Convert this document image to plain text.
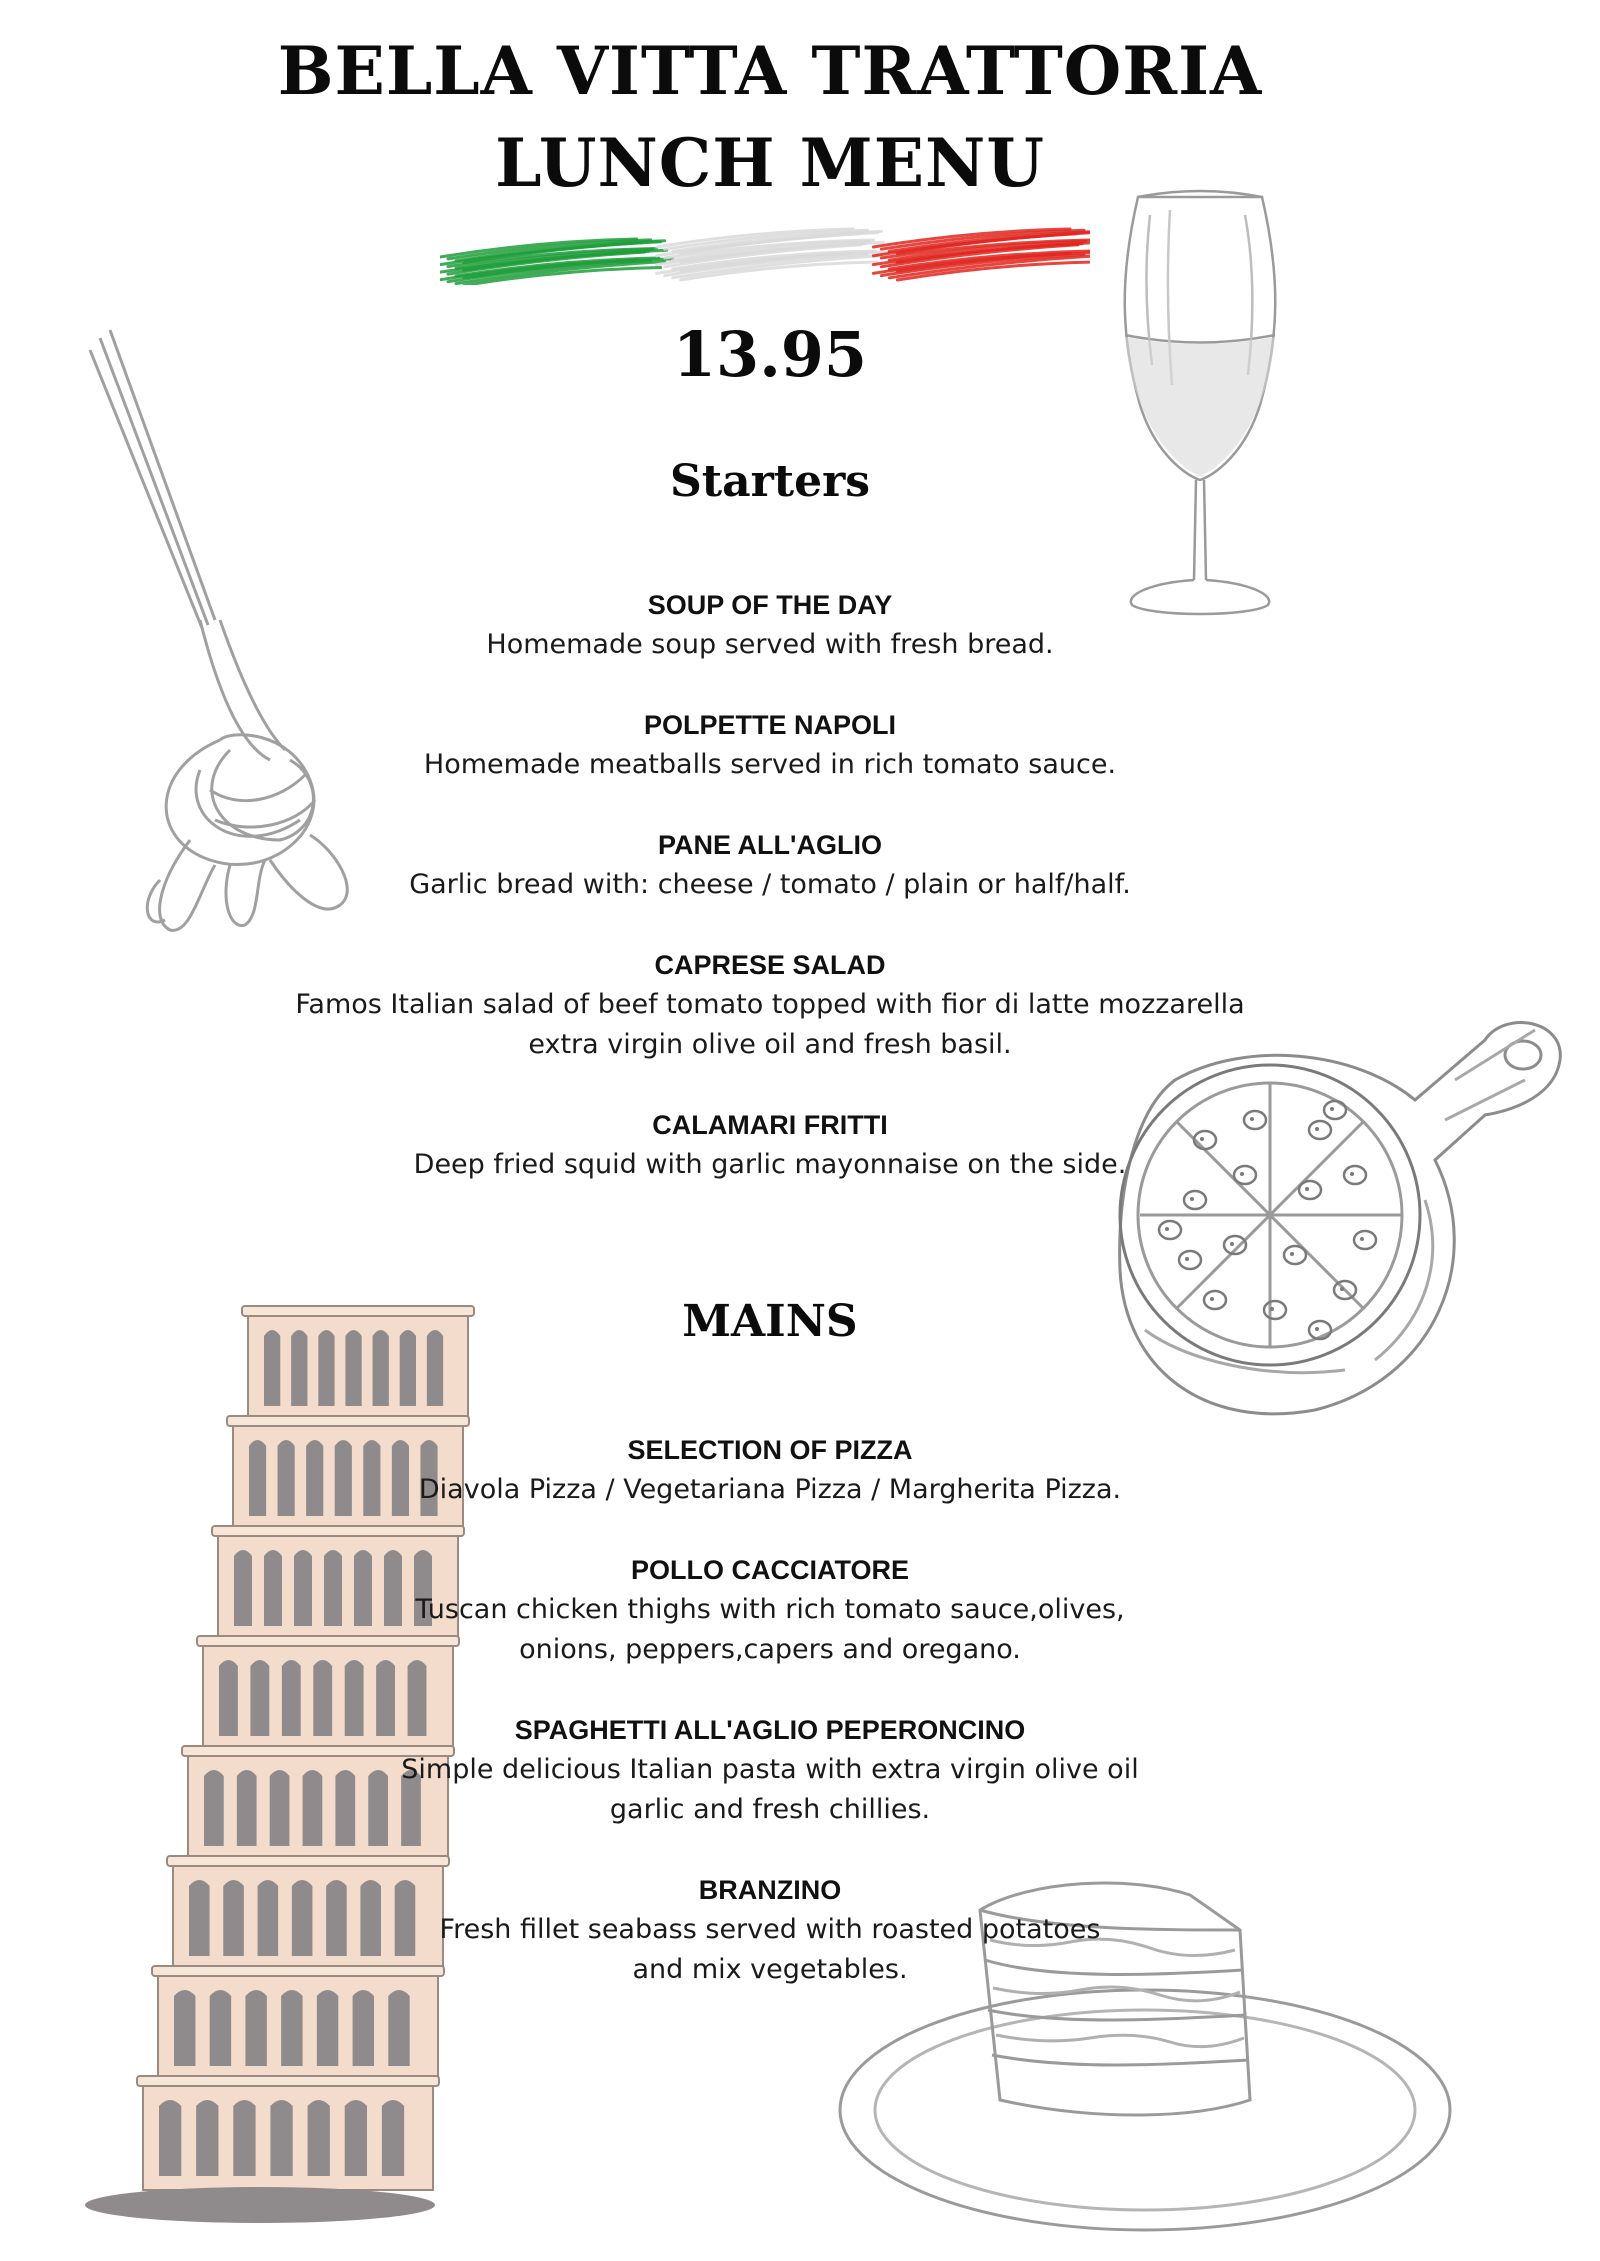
BELLA VITTA TRATTORIA
LUNCH MENU
13.95
Starters
SOUP OF THE DAY
Homemade soup served with fresh bread.
POLPETTE NAPOLI
Homemade meatballs served in rich tomato sauce.
PANE ALL'AGLIO
Garlic bread with: cheese / tomato / plain or half/half.
CAPRESE SALAD
Famos Italian salad of beef tomato topped with fior di latte mozzarella
extra virgin olive oil and fresh basil.
CALAMARI FRITTI
Deep fried squid with garlic mayonnaise on the side.
MAINS
SELECTION OF PIZZA
Diavola Pizza / Vegetariana Pizza / Margherita Pizza.
POLLO CACCIATORE
Tuscan chicken thighs with rich tomato sauce,olives,
onions, peppers,capers and oregano.
SPAGHETTI ALL'AGLIO PEPERONCINO
Simple delicious Italian pasta with extra virgin olive oil
garlic and fresh chillies.
BRANZINO
Fresh fillet seabass served with roasted potatoes
and mix vegetables.
